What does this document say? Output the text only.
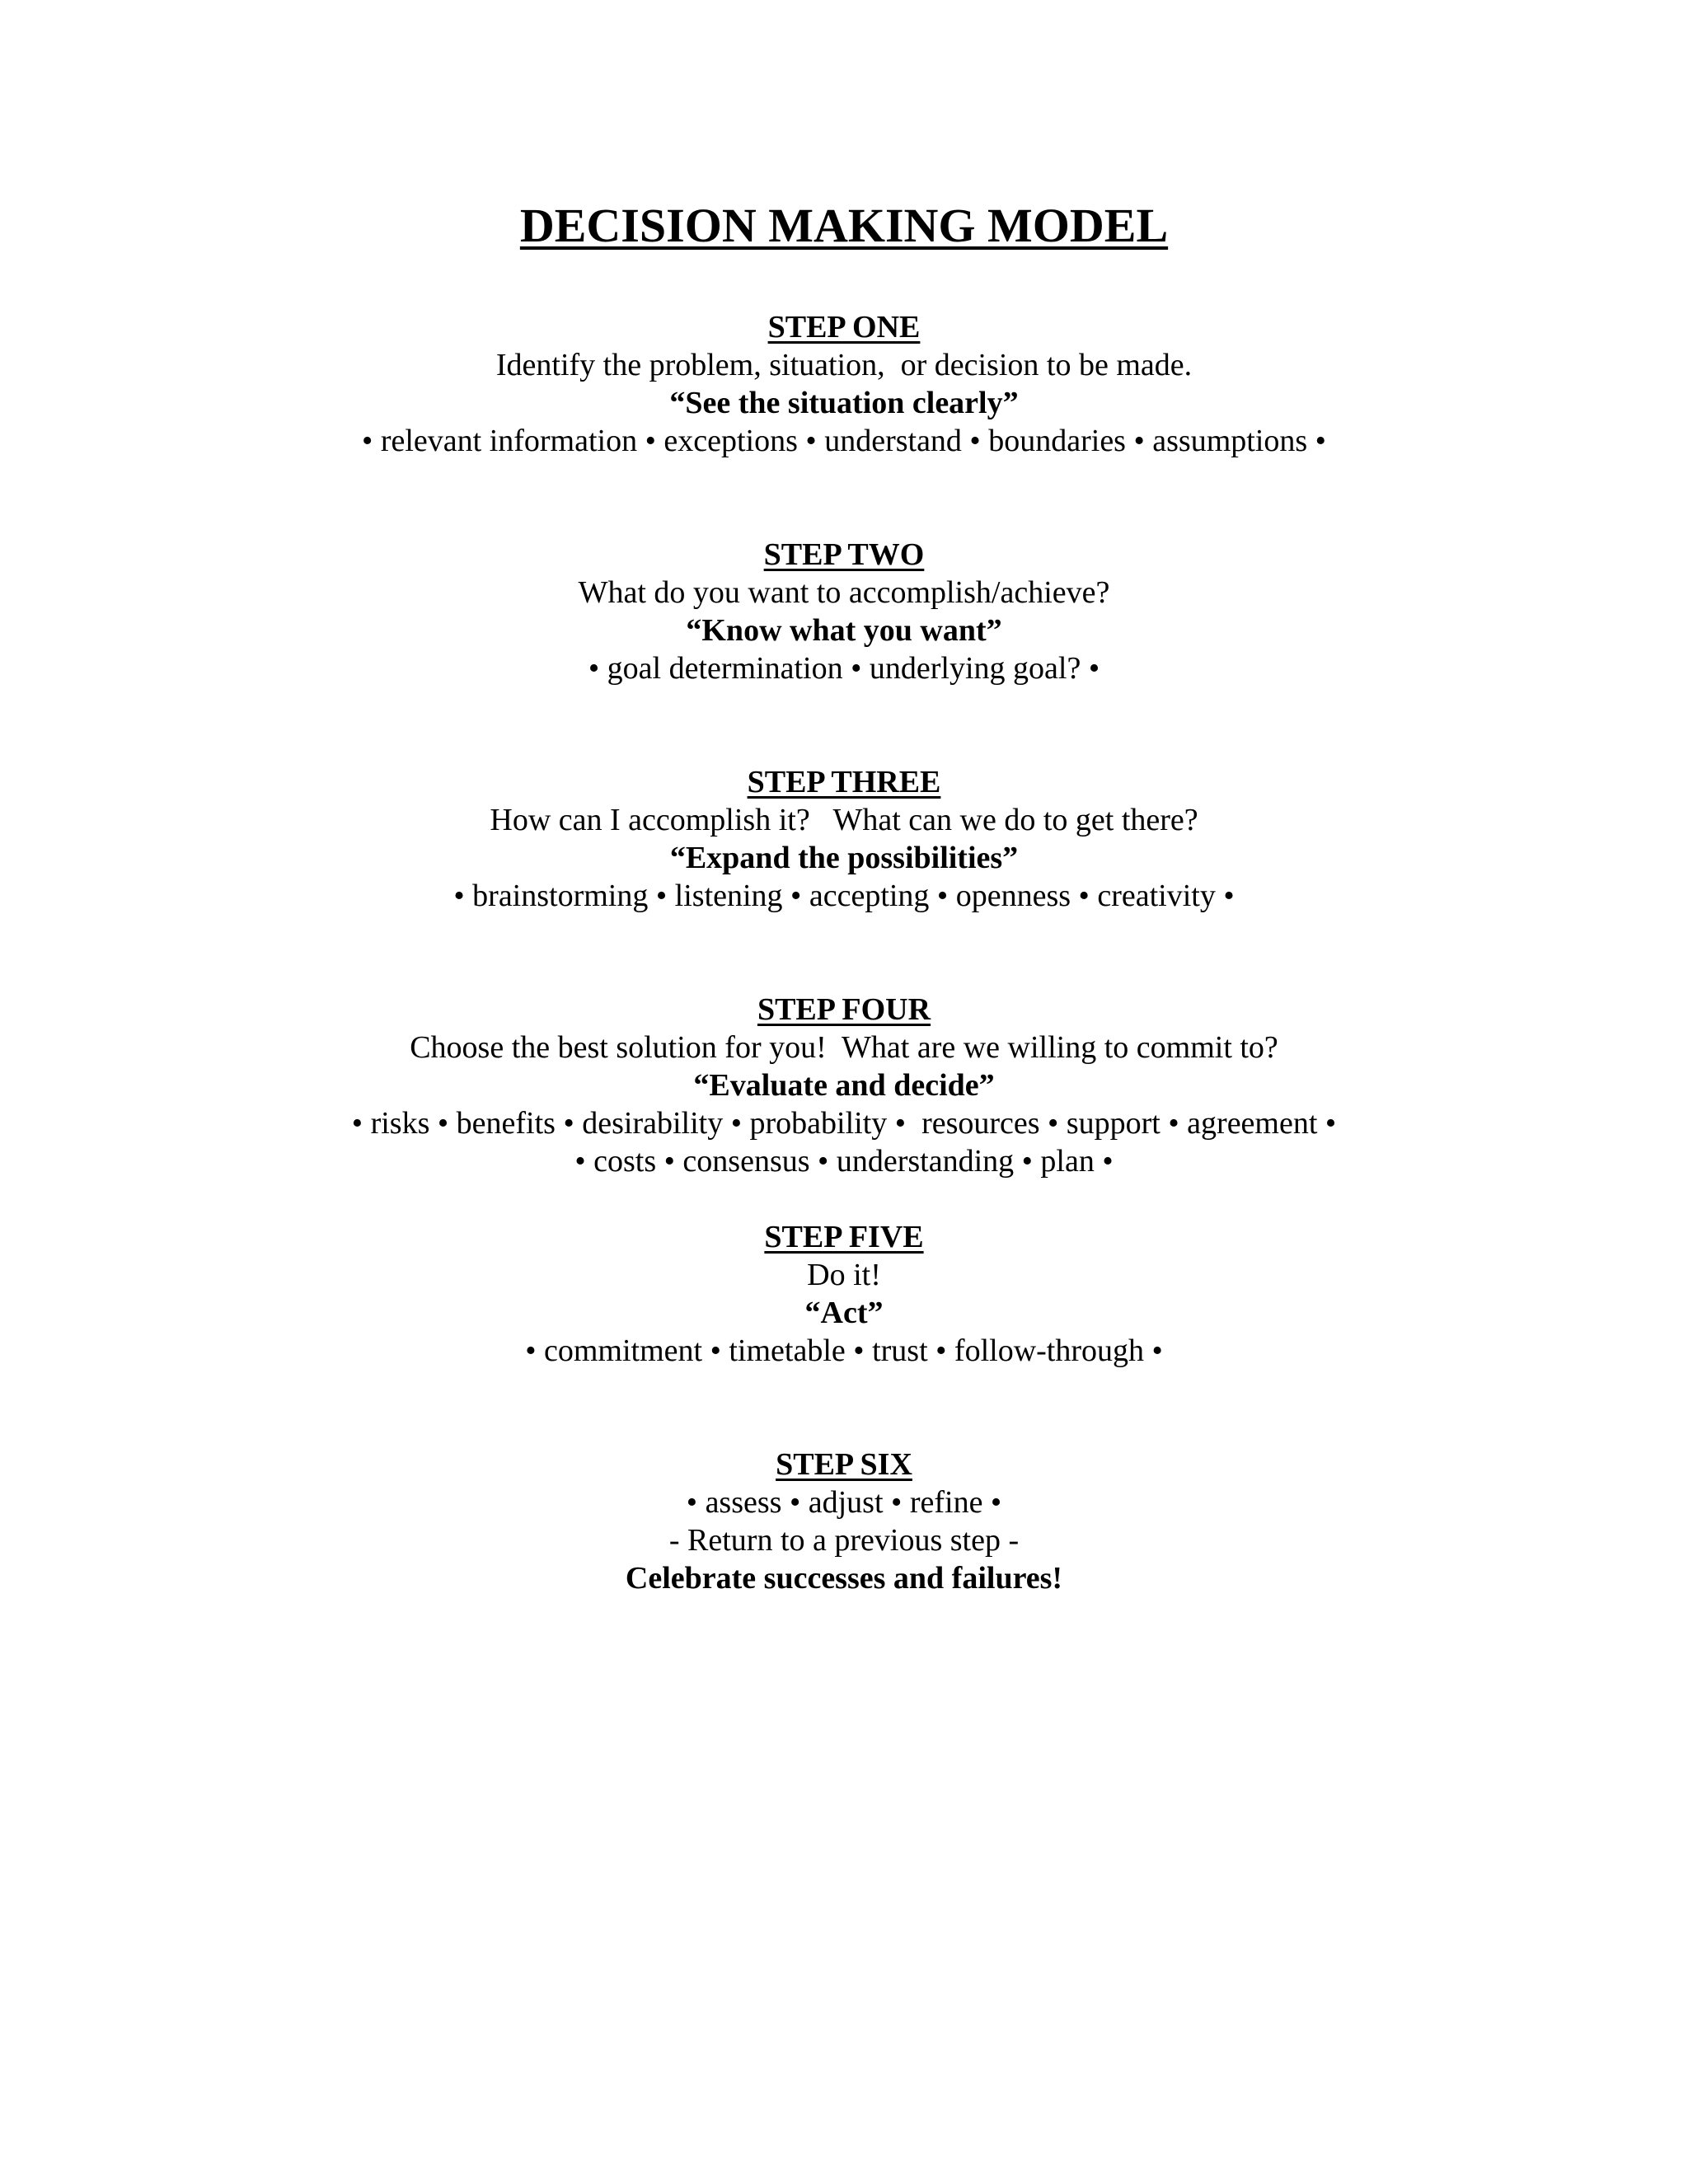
DECISION MAKING MODEL
STEP ONE
Identify the problem, situation,  or decision to be made.
“See the situation clearly”
• relevant information • exceptions • understand • boundaries • assumptions •
STEP TWO
What do you want to accomplish/achieve?
“Know what you want”
• goal determination • underlying goal? •
STEP THREE
How can I accomplish it?   What can we do to get there?
“Expand the possibilities”
• brainstorming • listening • accepting • openness • creativity •
STEP FOUR
Choose the best solution for you!  What are we willing to commit to?
“Evaluate and decide”
• risks • benefits • desirability • probability •  resources • support • agreement •
• costs • consensus • understanding • plan •
STEP FIVE
Do it!
“Act”
• commitment • timetable • trust • follow-through •
STEP SIX
• assess • adjust • refine •
- Return to a previous step -
Celebrate successes and failures!
